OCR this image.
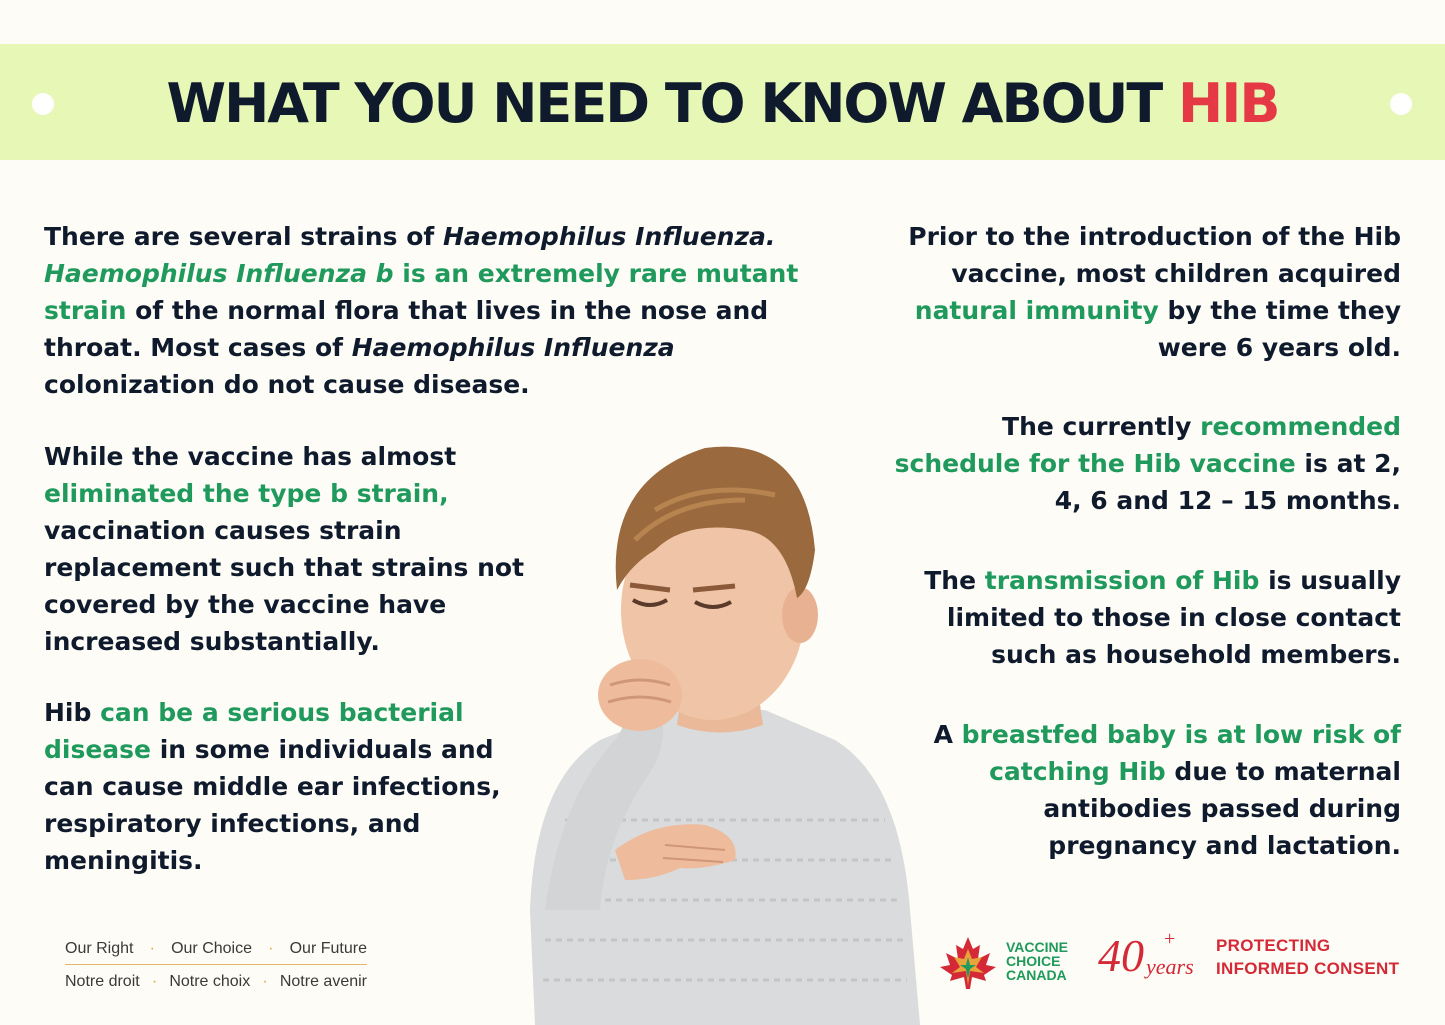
WHAT YOU NEED TO KNOW ABOUT HIB

There are several strains of Haemophilus Influenza.
Haemophilus Influenza b is an extremely rare mutant strain of the normal flora that lives in the nose and throat. Most cases of Haemophilus Influenza colonization do not cause disease.

While the vaccine has almost eliminated the type b strain, vaccination causes strain replacement such that strains not covered by the vaccine have increased substantially.

Hib can be a serious bacterial disease in some individuals and can cause middle ear infections, respiratory infections, and meningitis.

Prior to the introduction of the Hib vaccine, most children acquired natural immunity by the time they were 6 years old.

The currently recommended schedule for the Hib vaccine is at 2, 4, 6 and 12 – 15 months.

The transmission of Hib is usually limited to those in close contact such as household members.

A breastfed baby is at low risk of catching Hib due to maternal antibodies passed during pregnancy and lactation.

Our Right · Our Choice · Our Future
Notre droit · Notre choix · Notre avenir
VACCINE
CHOICE
CANADA 40 +
years
PROTECTING
INFORMED CONSENT
